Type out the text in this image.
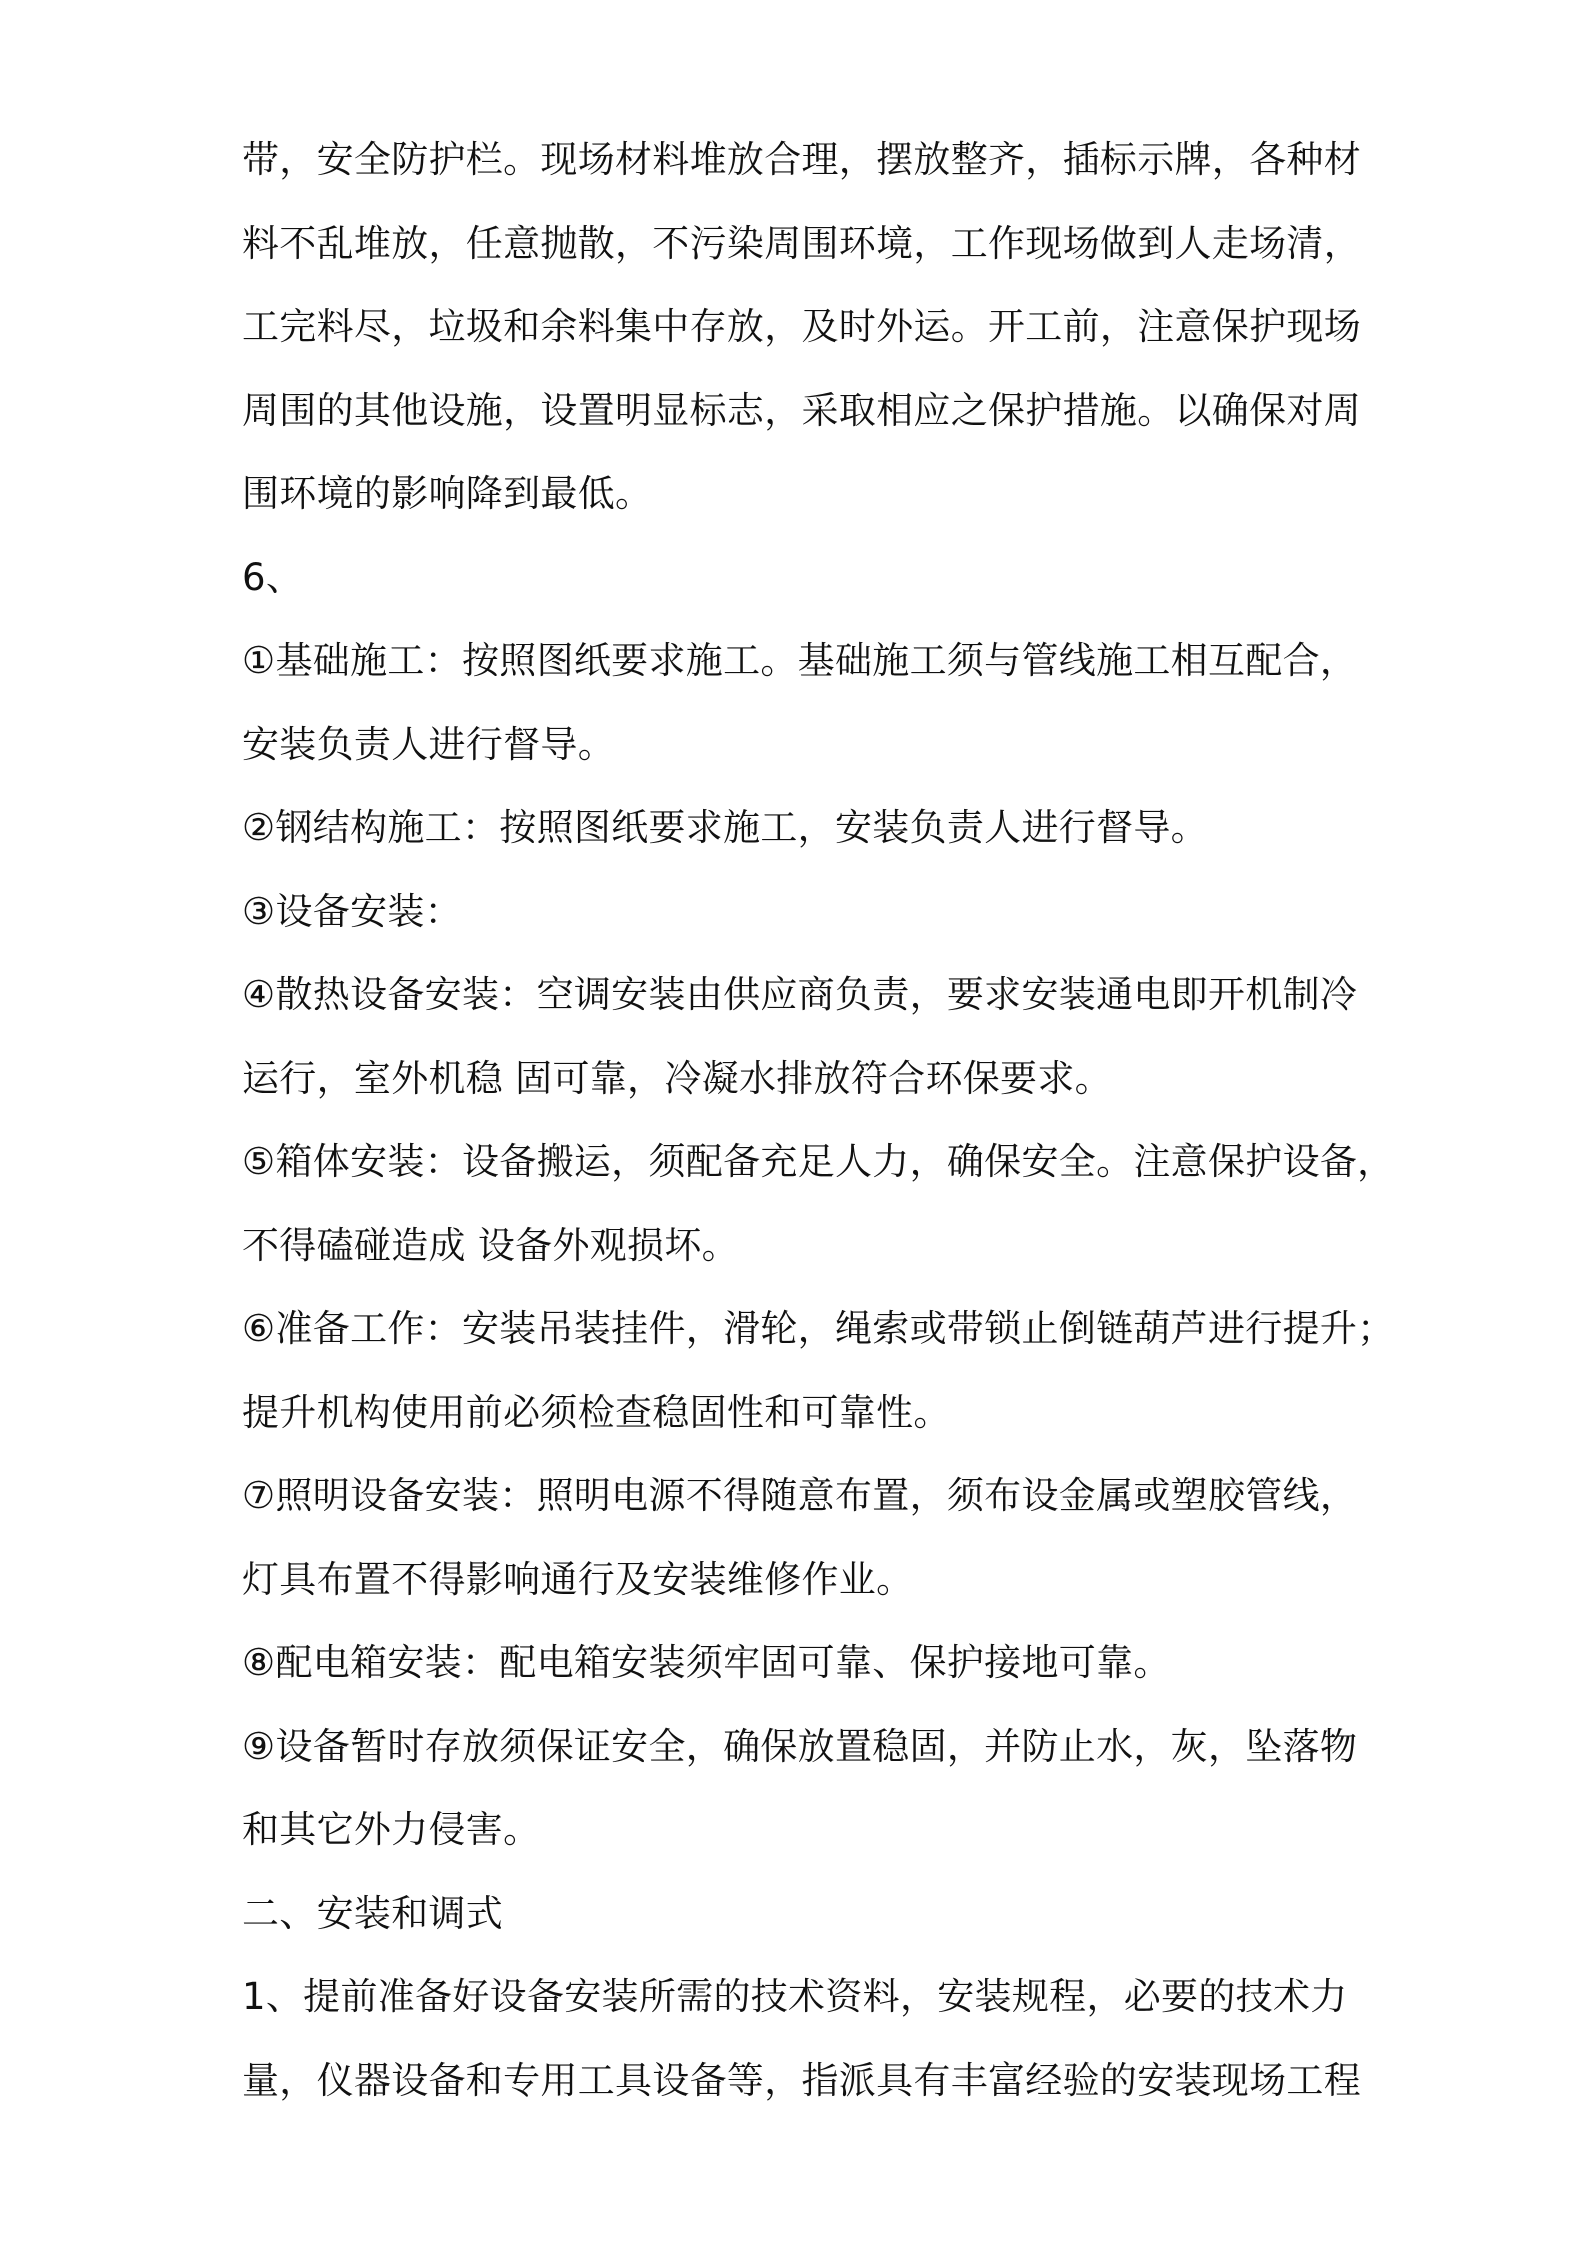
带，安全防护栏。现场材料堆放合理，摆放整齐，插标示牌，各种材
料不乱堆放，任意抛散，不污染周围环境，工作现场做到人走场清，
工完料尽，垃圾和余料集中存放，及时外运。开工前，注意保护现场
周围的其他设施，设置明显标志，采取相应之保护措施。以确保对周
围环境的影响降到最低。
6、
①基础施工：按照图纸要求施工。基础施工须与管线施工相互配合，
安装负责人进行督导。
②钢结构施工：按照图纸要求施工，安装负责人进行督导。
③设备安装：
④散热设备安装：空调安装由供应商负责，要求安装通电即开机制冷
运行，室外机稳 固可靠，冷凝水排放符合环保要求。
⑤箱体安装：设备搬运，须配备充足人力，确保安全。注意保护设备，
不得磕碰造成 设备外观损坏。
⑥准备工作：安装吊装挂件，滑轮，绳索或带锁止倒链葫芦进行提升；
提升机构使用前必须检查稳固性和可靠性。
⑦照明设备安装：照明电源不得随意布置，须布设金属或塑胶管线，
灯具布置不得影响通行及安装维修作业。
⑧配电箱安装：配电箱安装须牢固可靠、保护接地可靠。
⑨设备暂时存放须保证安全，确保放置稳固，并防止水，灰，坠落物
和其它外力侵害。
二、安装和调式
1、提前准备好设备安装所需的技术资料，安装规程，必要的技术力
量，仪器设备和专用工具设备等，指派具有丰富经验的安装现场工程
